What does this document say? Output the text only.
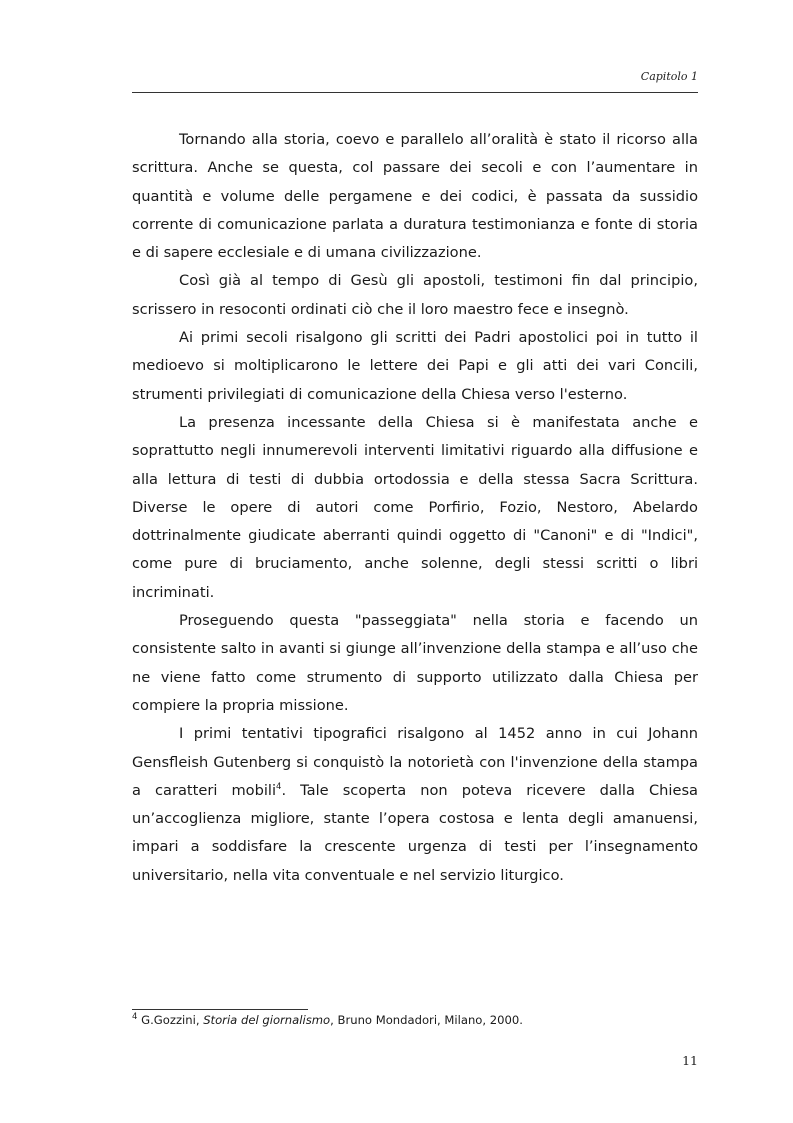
Capitolo 1

Tornando alla storia, coevo e parallelo all’oralità è stato il ricorso alla scrittura. Anche se questa, col passare dei secoli e con l’aumentare in quantità e volume delle pergamene e dei codici, è passata da sussidio corrente di comunicazione parlata a duratura testimonianza e fonte di storia e di sapere ecclesiale e di umana civilizzazione.

Così già al tempo di Gesù gli apostoli, testimoni fin dal principio, scrissero in resoconti ordinati ciò che il loro maestro fece e insegnò.

Ai primi secoli risalgono gli scritti dei Padri apostolici poi in tutto il medioevo si moltiplicarono le lettere dei Papi e gli atti dei vari Concili, strumenti privilegiati di comunicazione della Chiesa verso l'esterno.

La presenza incessante della Chiesa si è manifestata anche e soprattutto negli innumerevoli interventi limitativi riguardo alla diffusione e alla lettura di testi di dubbia ortodossia e della stessa Sacra Scrittura. Diverse le opere di autori come Porfirio, Fozio, Nestoro, Abelardo dottrinalmente giudicate aberranti quindi oggetto di "Canoni" e di "Indici", come pure di bruciamento, anche solenne, degli stessi scritti o libri incriminati.

Proseguendo questa "passeggiata" nella storia e facendo un consistente salto in avanti si giunge all’invenzione della stampa e all’uso che ne viene fatto come strumento di supporto utilizzato dalla Chiesa per compiere la propria missione.

I primi tentativi tipografici risalgono al 1452 anno in cui Johann Gensfleish Gutenberg si conquistò la notorietà con l'invenzione della stampa a caratteri mobili$^4$. Tale scoperta non poteva ricevere dalla Chiesa un’accoglienza migliore, stante l’opera costosa e lenta degli amanuensi, impari a soddisfare la crescente urgenza di testi per l’insegnamento universitario, nella vita conventuale e nel servizio liturgico.

$^4$ G.Gozzini, Storia del giornalismo, Bruno Mondadori, Milano, 2000.
11
